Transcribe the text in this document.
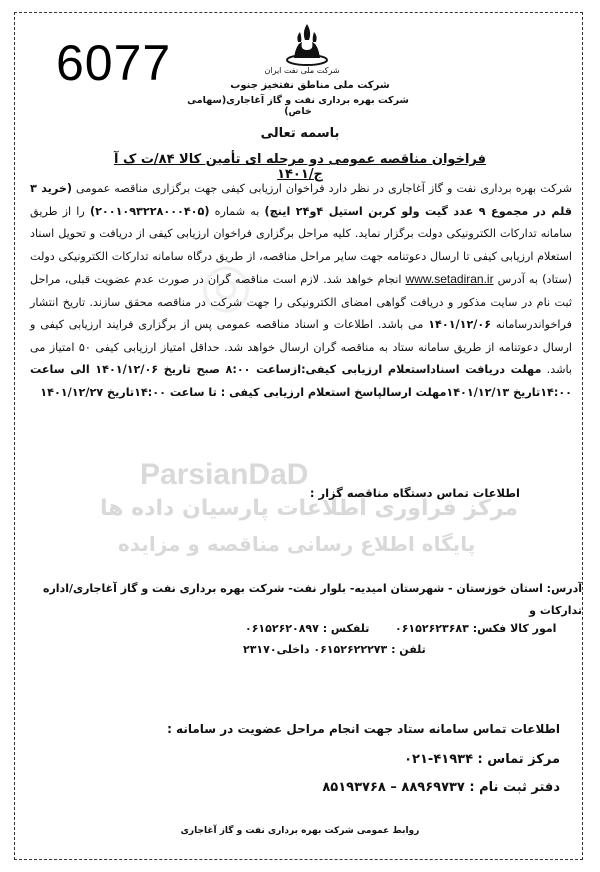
◎
ParsianDaD
مرکز فرآوری اطلاعات پارسیان داده ها
پایگاه اطلاع رسانی مناقصه و مزایده
6077	شرکت ملی نفت ایران
شرکت ملی مناطق نفتخیز جنوب
شرکت بهره برداری نفت و گاز آغاجاری(سهامی خاص)
باسمه تعالی
فراخوان مناقصه عمومی دو مرحله ای تأمین کالا ۸۴/ت ک آ ج/۱۴۰۱
شرکت بهره برداری نفت و گاز آغاجاری در نظر دارد فراخوان ارزیابی کیفی جهت برگزاری مناقصه عمومی (خرید ۳ قلم در مجموع ۹ عدد گیت ولو کربن استیل ۴و۲۴ اینچ) به شماره (۲۰۰۱۰۹۳۲۲۸۰۰۰۴۰۵) را از طریق سامانه تدارکات الکترونیکی دولت برگزار نماید. کلیه مراحل برگزاری فراخوان ارزیابی کیفی از دریافت و تحویل اسناد استعلام ارزیابی کیفی تا ارسال دعوتنامه جهت سایر مراحل مناقصه، از طریق درگاه سامانه تدارکات الکترونیکی دولت (ستاد) به آدرس www.setadiran.ir انجام خواهد شد. لازم است مناقصه گران در صورت عدم عضویت قبلی، مراحل ثبت نام در سایت مذکور و دریافت گواهی امضای الکترونیکی را جهت شرکت در مناقصه محقق سازند. تاریخ انتشار فراخواندرسامانه ۱۴۰۱/۱۲/۰۶ می باشد. اطلاعات و اسناد مناقصه عمومی پس از برگزاری فرایند ارزیابی کیفی و ارسال دعوتنامه از طریق سامانه ستاد به مناقصه گران ارسال خواهد شد. حداقل امتیاز ارزیابی کیفی ۵۰ امتیاز می باشد. مهلت دریافت اسناداستعلام ارزیابی کیفی:ازساعت ۸:۰۰ صبح تاریخ ۱۴۰۱/۱۲/۰۶ الی ساعت ۱۴:۰۰تاریخ ۱۴۰۱/۱۲/۱۳مهلت ارسالپاسخ استعلام ارزیابی کیفی : تا ساعت ۱۴:۰۰تاریخ ۱۴۰۱/۱۲/۲۷
اطلاعات تماس دستگاه مناقصه گزار :
آدرس: استان خوزستان - شهرستان امیدیه- بلوار نفت- شرکت بهره برداری نفت و گاز آغاجاری/اداره تدارکات و
امور کالا فکس: ۰۶۱۵۲۶۲۳۶۸۳
تلفکس : ۰۶۱۵۲۶۲۰۸۹۷
تلفن : ۰۶۱۵۲۶۲۲۲۷۳ داخلی۲۳۱۷۰
اطلاعات تماس سامانه ستاد جهت انجام مراحل عضویت در سامانه :
مرکز تماس : ۴۱۹۳۴-۰۲۱
دفتر ثبت نام : ۸۸۹۶۹۷۳۷ – ۸۵۱۹۳۷۶۸
روابط عمومی شرکت بهره برداری نفت و گاز آغاجاری
